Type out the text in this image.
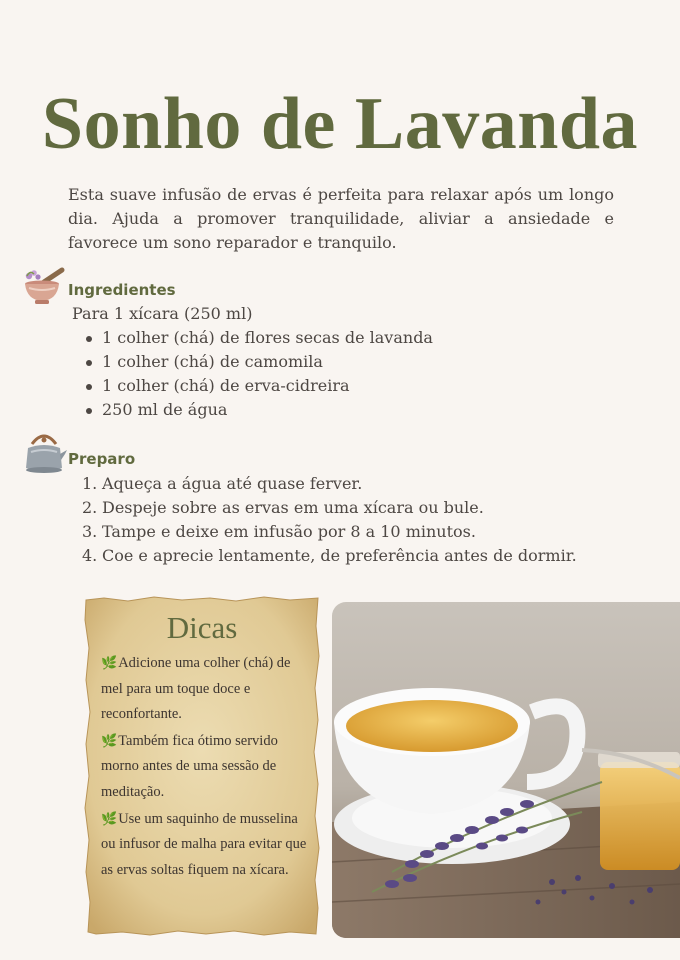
Sonho de Lavanda

Esta suave infusão de ervas é perfeita para relaxar após um longo dia. Ajuda a promover tranquilidade, aliviar a ansiedade e favorece um sono reparador e tranquilo.

Ingredientes
Para 1 xícara (250 ml)
1 colher (chá) de flores secas de lavanda
1 colher (chá) de camomila
1 colher (chá) de erva-cidreira
250 ml de água
Preparo
1. Aqueça a água até quase ferver.
2. Despeje sobre as ervas em uma xícara ou bule.
3. Tampe e deixe em infusão por 8 a 10 minutos.
4. Coe e aprecie lentamente, de preferência antes de dormir.
Dicas
🌿Adicione uma colher (chá) de mel para um toque doce e reconfortante.
🌿Também fica ótimo servido morno antes de uma sessão de meditação.
🌿Use um saquinho de musselina ou infusor de malha para evitar que as ervas soltas fiquem na xícara.
